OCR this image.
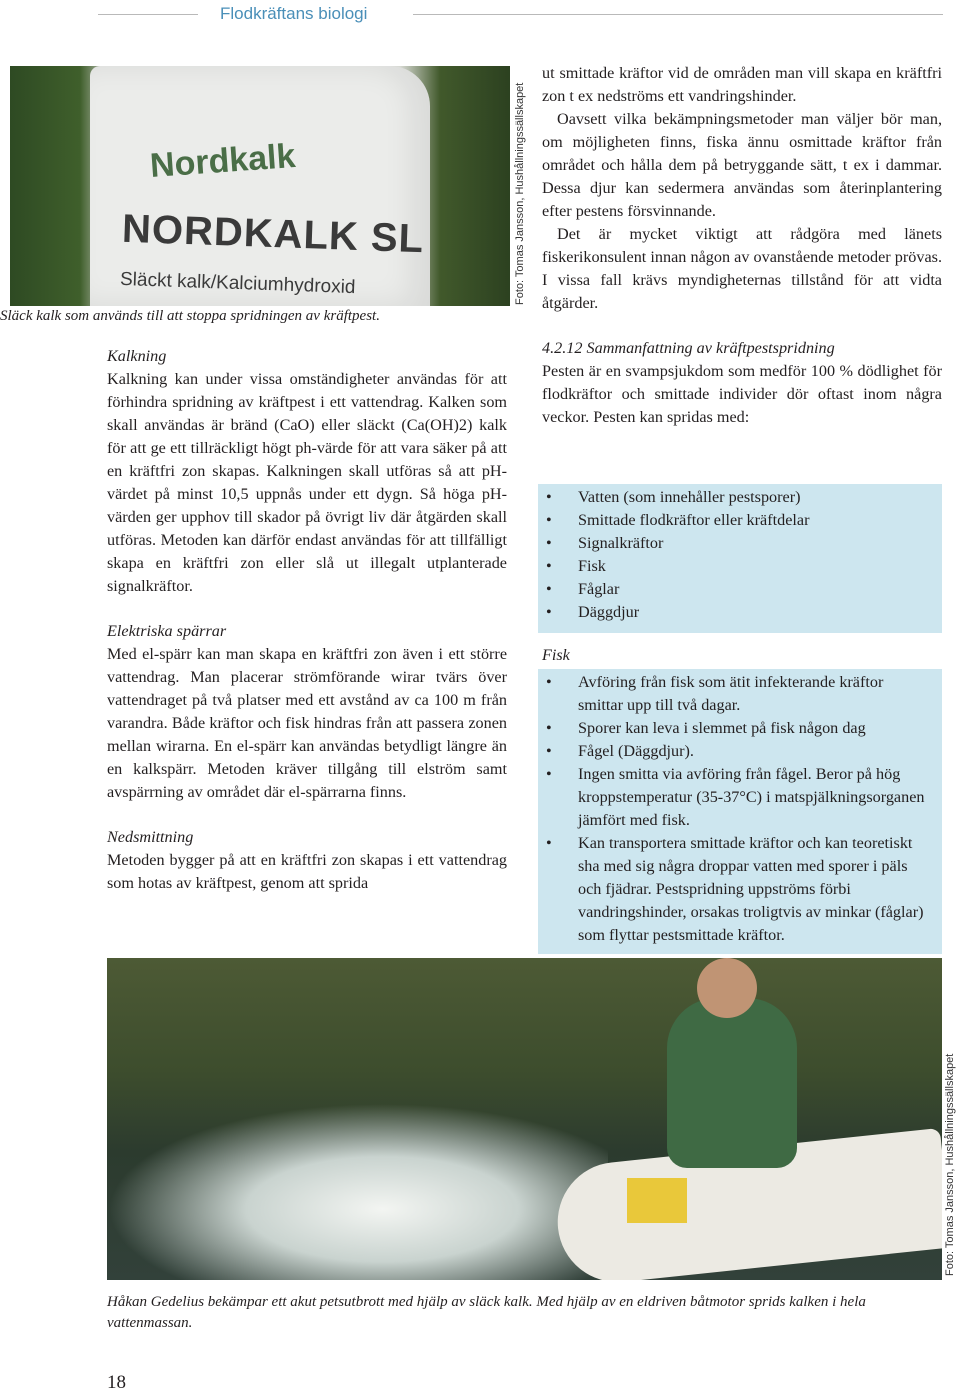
Flodkräftans biologi
Nordkalk
NORDKALK SL
Släckt kalk/Kalciumhydroxid	Foto: Tomas Jansson, Hushållningssällskapet
Släck kalk som används till att stoppa spridningen av kräftpest.
Kalkning

Kalkning kan under vissa omständigheter användas för att förhindra spridning av kräftpest i ett vattendrag. Kalken som skall användas är bränd (CaO) eller släckt (Ca(OH)2) kalk för att ge ett tillräckligt högt ph-värde för att vara säker på att en kräftfri zon skapas. Kalkningen skall utföras så att pH-värdet på minst 10,5 uppnås under ett dygn. Så höga pH-värden ger upphov till skador på övrigt liv där åtgärden skall utföras. Metoden kan därför endast användas för att tillfälligt skapa en kräftfri zon eller slå ut illegalt utplanterade signalkräftor.

Elektriska spärrar

Med el-spärr kan man skapa en kräftfri zon även i ett större vattendrag. Man placerar strömförande wirar tvärs över vattendraget på två platser med ett avstånd av ca 100 m från varandra. Både kräftor och fisk hindras från att passera zonen mellan wirarna. En el-spärr kan användas betydligt längre än en kalkspärr. Metoden kräver tillgång till elström samt avspärrning av området där el-spärrarna finns.

Nedsmittning

Metoden bygger på att en kräftfri zon skapas i ett vattendrag som hotas av kräftpest, genom att sprida

ut smittade kräftor vid de områden man vill skapa en kräftfri zon t ex nedströms ett vandringshinder.

Oavsett vilka bekämpningsmetoder man väljer bör man, om möjligheten finns, fiska ännu osmittade kräftor från området och hålla dem på betryggande sätt, t ex i dammar. Dessa djur kan sedermera användas som återinplantering efter pestens försvinnande.

Det är mycket viktigt att rådgöra med länets fiskerikonsulent innan någon av ovanstående metoder prövas. I vissa fall krävs myndigheternas tillstånd för att vidta åtgärder.

4.2.12 Sammanfattning av kräftpestspridning

Pesten är en svampsjukdom som medför 100 % dödlighet för flodkräftor och smittade individer dör oftast inom några veckor. Pesten kan spridas med:

• Vatten (som innehåller pestsporer)
• Smittade flodkräftor eller kräftdelar
• Signalkräftor
• Fisk
• Fåglar
• Däggdjur
Fisk
• Avföring från fisk som ätit infekterande kräftor smittar upp till två dagar.
• Sporer kan leva i slemmet på fisk någon dag
• Fågel (Däggdjur).
• Ingen smitta via avföring från fågel. Beror på hög kroppstemperatur (35-37°C) i matspjälkningsorganen jämfört med fisk.
• Kan transportera smittade kräftor och kan teoretiskt sha med sig några droppar vatten med sporer i päls och fjädrar. Pestspridning uppströms förbi vandringshinder, orsakas troligtvis av minkar (fåglar) som flyttar pestsmittade kräftor.
Foto: Tomas Jansson, Hushållningssällskapet
Håkan Gedelius bekämpar ett akut petsutbrott med hjälp av släck kalk. Med hjälp av en eldriven båtmotor sprids kalken i hela vattenmassan.
18
